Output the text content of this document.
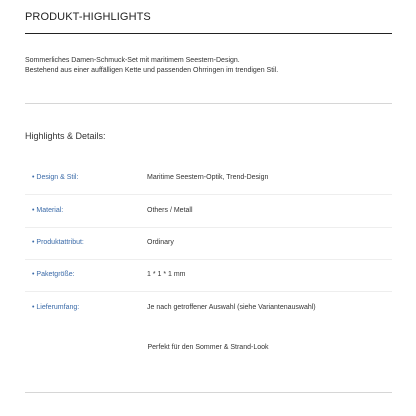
PRODUKT-HIGHLIGHTS
Sommerliches Damen-Schmuck-Set mit maritimem Seestern-Design.
Bestehend aus einer auffälligen Kette und passenden Ohrringen im trendigen Stil.
Highlights & Details:
• Design & Stil:	Maritime Seestern-Optik, Trend-Design
• Material:	Others / Metall
• Produktattribut:	Ordinary
• Paketgröße:	1 * 1 * 1 mm
• Lieferumfang:	Je nach getroffener Auswahl (siehe Variantenauswahl)
Perfekt für den Sommer & Strand-Look
